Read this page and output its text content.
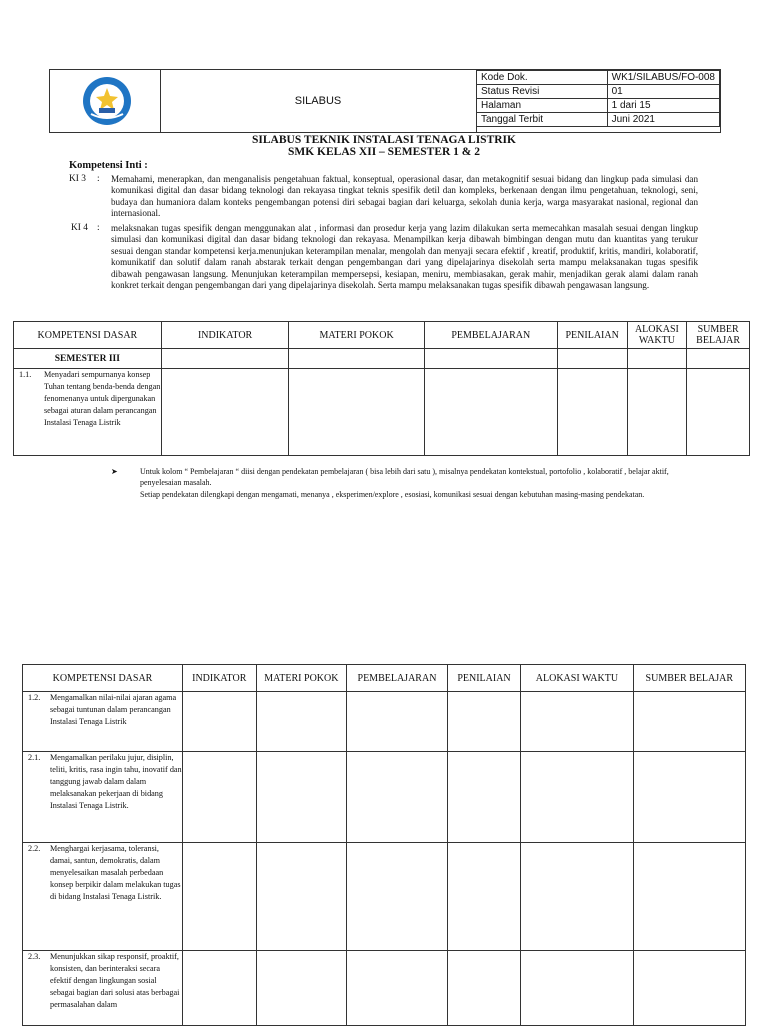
SILABUS
Kode Dok.	WK1/SILABUS/FO-008
Status Revisi	01
Halaman	1 dari 15
Tanggal Terbit	Juni 2021
SILABUS TEKNIK INSTALASI TENAGA LISTRIK
SMK KELAS XII – SEMESTER 1 & 2
Kompetensi Inti :
KI 3 : Memahami, menerapkan, dan menganalisis pengetahuan faktual, konseptual, operasional dasar, dan metakognitif sesuai bidang dan lingkup pada simulasi dan komunikasi digital dan dasar bidang teknologi dan rekayasa tingkat teknis spesifik detil dan kompleks, berkenaan dengan ilmu pengetahuan, teknologi, seni, budaya dan humaniora dalam konteks pengembangan potensi diri sebagai bagian dari keluarga, sekolah dunia kerja, warga masyarakat nasional, regional dan internasional.
KI 4 : melaksnakan tugas spesifik dengan menggunakan alat , informasi dan prosedur kerja yang lazim dilakukan serta memecahkan masalah sesuai dengan lingkup simulasi dan komunikasi digital dan dasar bidang teknologi dan rekayasa. Menampilkan kerja dibawah bimbingan dengan mutu dan kuantitas yang terukur sesuai dengan standar kompetensi kerja.menunjukan keterampilan menalar, mengolah dan menyaji secara efektif , kreatif, produktif, kritis, mandiri, kolaboratif, komunikatif dan solutif dalam ranah abstarak terkait dengan pengembangan dari yang dipelajarinya disekolah serta mampu melaksanakan tugas spesifik dibawah pengawasan langsung. Menunjukan keterampilan mempersepsi, kesiapan, meniru, membiasakan, gerak mahir, menjadikan gerak alami dalam ranah konkret terkait dengan pengembangan dari yang dipelajarinya disekolah. Serta mampu melaksanakan tugas spesifik dibawah pengawasan langsung.
KOMPETENSI DASAR	INDIKATOR	MATERI POKOK	PEMBELAJARAN	PENILAIAN	ALOKASI WAKTU	SUMBER BELAJAR
SEMESTER III						

1.1. Menyadari sempurnanya konsep Tuhan tentang benda-benda dengan fenomenanya untuk dipergunakan sebagai aturan dalam perancangan Instalasi Tenaga Listrik						

➤	Untuk kolom “ Pembelajaran “ diisi dengan pendekatan pembelajaran ( bisa lebih dari satu ), misalnya pendekatan kontekstual, portofolio , kolaboratif , belajar aktif, penyelesaian masalah.
Setiap pendekatan dilengkapi dengan mengamati, menanya , eksperimen/explore , esosiasi, komunikasi sesuai dengan kebutuhan masing-masing pendekatan.
KOMPETENSI DASAR	INDIKATOR	MATERI POKOK	PEMBELAJARAN	PENILAIAN	ALOKASI WAKTU	SUMBER BELAJAR

1.2. Mengamalkan nilai-nilai ajaran agama sebagai tuntunan dalam perancangan Instalasi Tenaga Listrik						

2.1. Mengamalkan perilaku jujur, disiplin, teliti, kritis, rasa ingin tahu, inovatif dan tanggung jawab dalam dalam melaksanakan pekerjaan di bidang Instalasi Tenaga Listrik.						

2.2. Menghargai kerjasama, toleransi, damai, santun, demokratis, dalam menyelesaikan masalah perbedaan konsep berpikir dalam melakukan tugas di bidang Instalasi Tenaga Listrik.						

2.3. Menunjukkan sikap responsif, proaktif, konsisten, dan berinteraksi secara efektif dengan lingkungan sosial sebagai bagian dari solusi atas berbagai permasalahan dalam						
